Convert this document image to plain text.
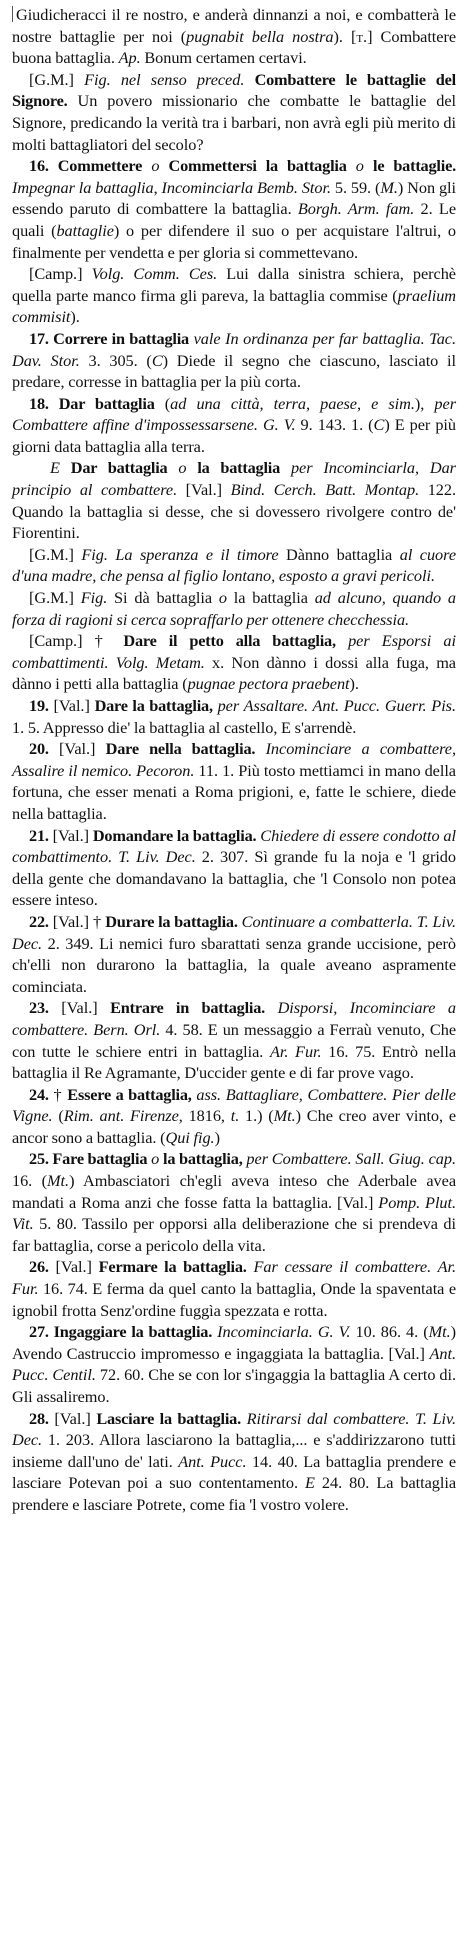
Giudicheracci il re nostro, e anderà dinnanzi a noi, e combatterà le nostre battaglie per noi (pugnabit bella nostra). [t.] Combattere buona battaglia. Ap. Bonum certamen certavi.

[G.M.] Fig. nel senso preced. Combattere le battaglie del Signore. Un povero missionario che combatte le battaglie del Signore, predicando la verità tra i barbari, non avrà egli più merito di molti battagliatori del secolo?

16. Commettere o Commettersi la battaglia o le battaglie. Impegnar la battaglia, Incominciarla Bemb. Stor. 5. 59. (M.) Non gli essendo paruto di combattere la battaglia. Borgh. Arm. fam. 2. Le quali (battaglie) o per difendere il suo o per acquistare l'altrui, o finalmente per vendetta e per gloria si commettevano.

[Camp.] Volg. Comm. Ces. Lui dalla sinistra schiera, perchè quella parte manco firma gli pareva, la battaglia commise (praelium commisit).

17. Correre in battaglia vale In ordinanza per far battaglia. Tac. Dav. Stor. 3. 305. (C) Diede il segno che ciascuno, lasciato il predare, corresse in battaglia per la più corta.

18. Dar battaglia (ad una città, terra, paese, e sim.), per Combattere affine d'impossessarsene. G. V. 9. 143. 1. (C) E per più giorni data battaglia alla terra.

E Dar battaglia o la battaglia per Incominciarla, Dar principio al combattere. [Val.] Bind. Cerch. Batt. Montap. 122. Quando la battaglia si desse, che si dovessero rivolgere contro de' Fiorentini.

[G.M.] Fig. La speranza e il timore Dànno battaglia al cuore d'una madre, che pensa al figlio lontano, esposto a gravi pericoli.

[G.M.] Fig. Si dà battaglia o la battaglia ad alcuno, quando a forza di ragioni si cerca sopraffarlo per ottenere checchessia.

[Camp.] † Dare il petto alla battaglia, per Esporsi ai combattimenti. Volg. Metam. x. Non dànno i dossi alla fuga, ma dànno i petti alla battaglia (pugnae pectora praebent).

19. [Val.] Dare la battaglia, per Assaltare. Ant. Pucc. Guerr. Pis. 1. 5. Appresso die' la battaglia al castello, E s'arrendè.

20. [Val.] Dare nella battaglia. Incominciare a combattere, Assalire il nemico. Pecoron. 11. 1. Più tosto mettiamci in mano della fortuna, che esser menati a Roma prigioni, e, fatte le schiere, diede nella battaglia.

21. [Val.] Domandare la battaglia. Chiedere di essere condotto al combattimento. T. Liv. Dec. 2. 307. Sì grande fu la noja e 'l grido della gente che domandavano la battaglia, che 'l Consolo non potea essere inteso.

22. [Val.] † Durare la battaglia. Continuare a combatterla. T. Liv. Dec. 2. 349. Li nemici furo sbarattati senza grande uccisione, però ch'elli non durarono la battaglia, la quale aveano aspramente cominciata.

23. [Val.] Entrare in battaglia. Disporsi, Incominciare a combattere. Bern. Orl. 4. 58. E un messaggio a Ferraù venuto, Che con tutte le schiere entri in battaglia. Ar. Fur. 16. 75. Entrò nella battaglia il Re Agramante, D'uccider gente e di far prove vago.

24. † Essere a battaglia, ass. Battagliare, Combattere. Pier delle Vigne. (Rim. ant. Firenze, 1816, t. 1.) (Mt.) Che creo aver vinto, e ancor sono a battaglia. (Qui fig.)

25. Fare battaglia o la battaglia, per Combattere. Sall. Giug. cap. 16. (Mt.) Ambasciatori ch'egli aveva inteso che Aderbale avea mandati a Roma anzi che fosse fatta la battaglia. [Val.] Pomp. Plut. Vit. 5. 80. Tassilo per opporsi alla deliberazione che si prendeva di far battaglia, corse a pericolo della vita.

26. [Val.] Fermare la battaglia. Far cessare il combattere. Ar. Fur. 16. 74. E ferma da quel canto la battaglia, Onde la spaventata e ignobil frotta Senz'ordine fuggìa spezzata e rotta.

27. Ingaggiare la battaglia. Incominciarla. G. V. 10. 86. 4. (Mt.) Avendo Castruccio impromesso e ingaggiata la battaglia. [Val.] Ant. Pucc. Centil. 72. 60. Che se con lor s'ingaggia la battaglia A certo di. Gli assaliremo.

28. [Val.] Lasciare la battaglia. Ritirarsi dal combattere. T. Liv. Dec. 1. 203. Allora lasciarono la battaglia,... e s'addirizzarono tutti insieme dall'uno de' lati. Ant. Pucc. 14. 40. La battaglia prendere e lasciare Potevan poi a suo contentamento. E 24. 80. La battaglia prendere e lasciare Potrete, come fia 'l vostro volere.
